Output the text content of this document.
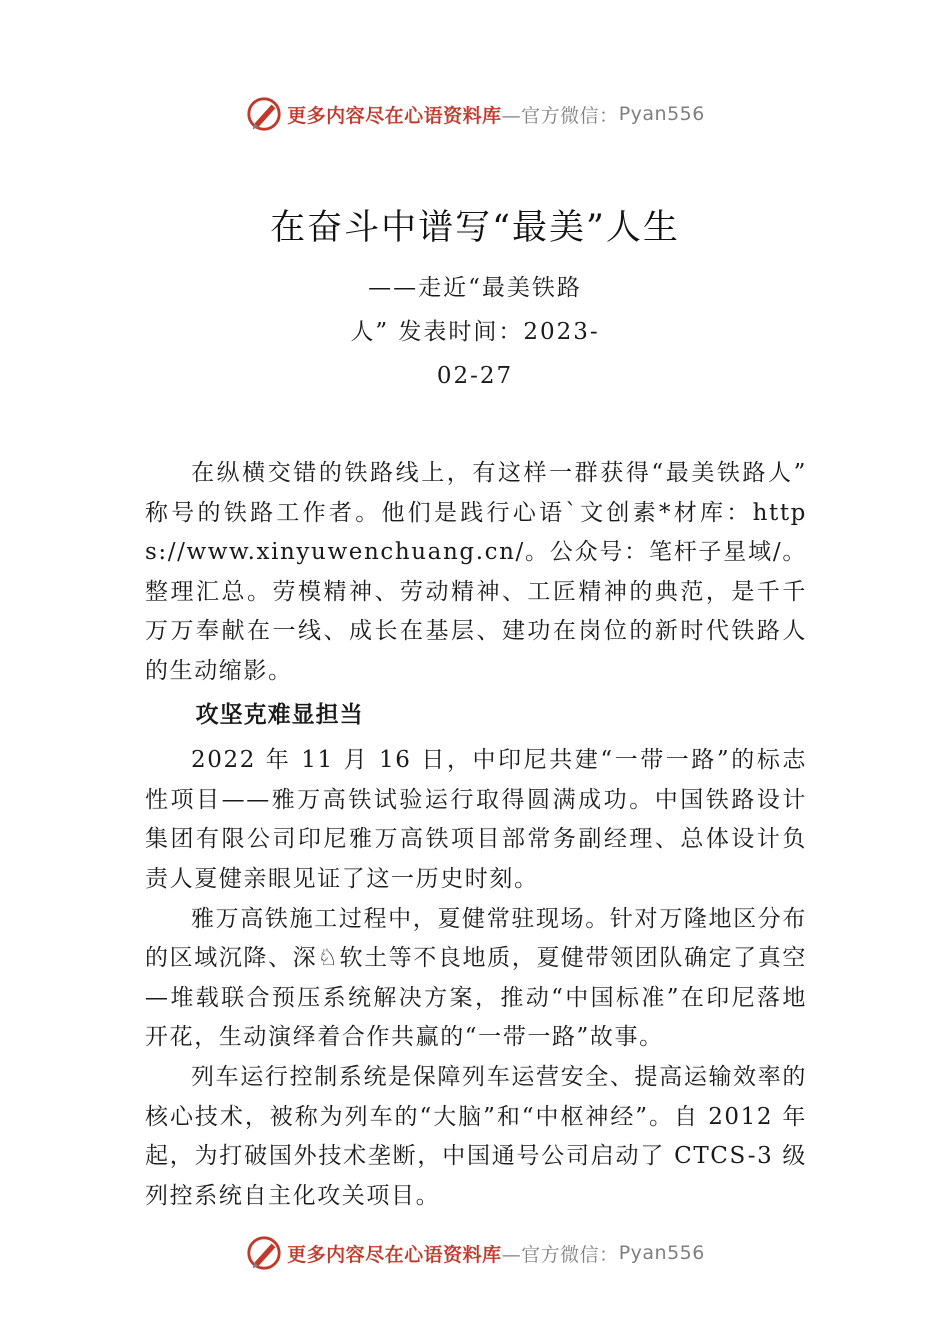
更多内容尽在心语资料库 —官方微信： Pyan556
在奋斗中谱写“最美”人生
——走近“最美铁路
人” 发表时间：2023-
02-27

在纵横交错的铁路线上，有这样一群获得“最美铁路人” 称号的铁路工作者。他们是践行心语`文创素*材库：https://www.xinyuwenchuang.cn/。公众号：笔杆子星域/。整理汇总。劳模精神、劳动精神、工匠精神的典范，是千千万万奉献在一线、成长在基层、建功在岗位的新时代铁路人的生动缩影。

攻坚克难显担当

2022 年 11 月 16 日，中印尼共建“一带一路”的标志性项目——雅万高铁试验运行取得圆满成功。中国铁路设计集团有限公司印尼雅万高铁项目部常务副经理、总体设计负责人夏健亲眼见证了这一历史时刻。

雅万高铁施工过程中，夏健常驻现场。针对万隆地区分布的区域沉降、深♘软土等不良地质，夏健带领团队确定了真空—堆载联合预压系统解决方案，推动“中国标准”在印尼落地开花，生动演绎着合作共赢的“一带一路”故事。

列车运行控制系统是保障列车运营安全、提高运输效率的核心技术，被称为列车的“大脑”和“中枢神经”。自 2012 年起，为打破国外技术垄断，中国通号公司启动了 CTCS-3 级列控系统自主化攻关项目。

更多内容尽在心语资料库 —官方微信： Pyan556
